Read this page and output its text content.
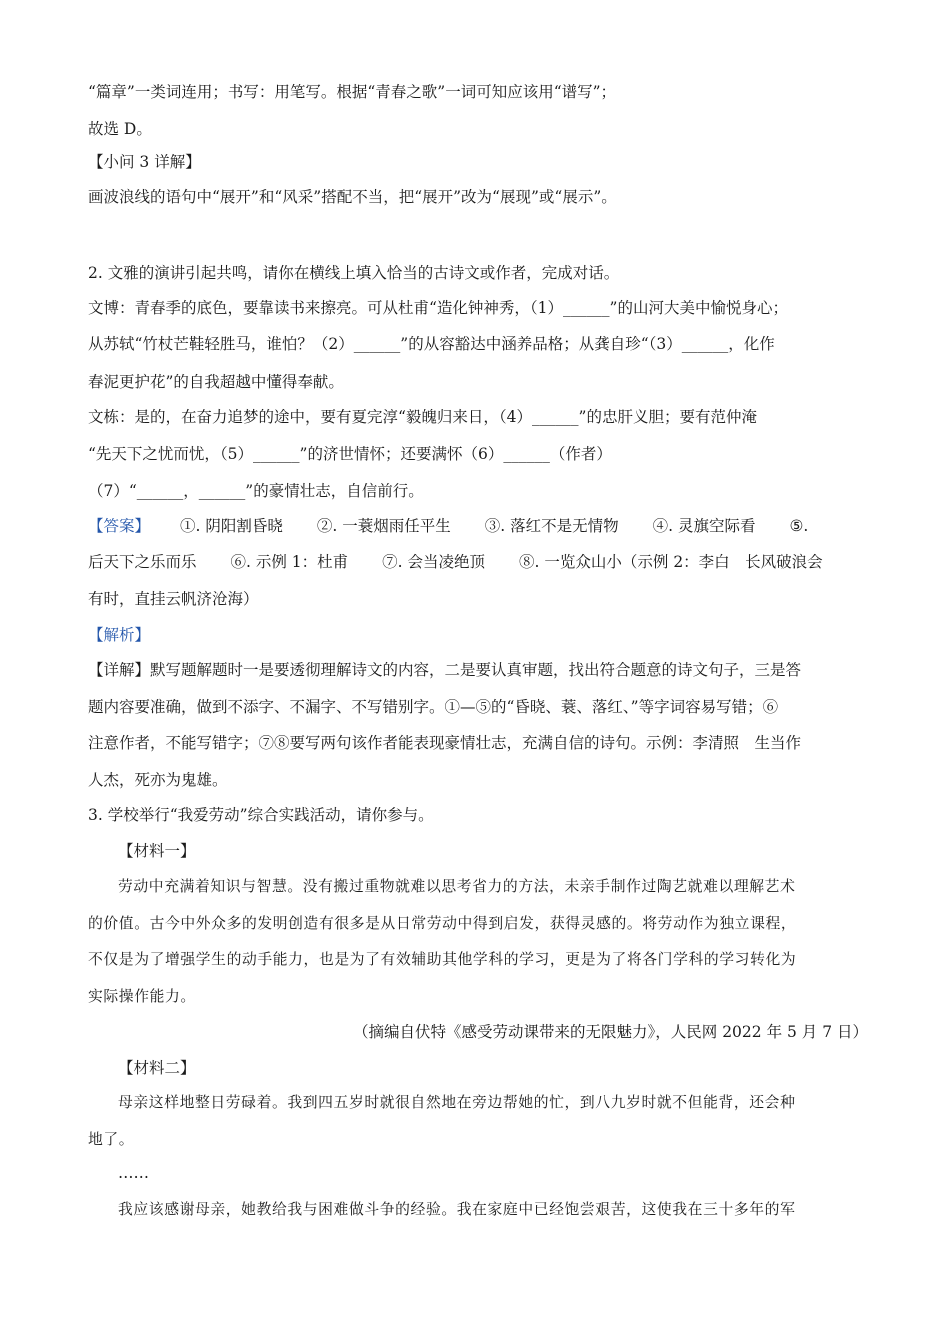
“篇章”一类词连用；书写：用笔写。根据“青春之歌”一词可知应该用“谱写”；
故选 D。
【小问 3 详解】
画波浪线的语句中“展开”和“风采”搭配不当，把“展开”改为“展现”或“展示”。
2. 文雅的演讲引起共鸣，请你在横线上填入恰当的古诗文或作者，完成对话。
文博：青春季的底色，要靠读书来擦亮。可从杜甫“造化钟神秀，（1）______”的山河大美中愉悦身心；
从苏轼“竹杖芒鞋轻胜马，谁怕？（2）______”的从容豁达中涵养品格；从龚自珍“（3）______，化作
春泥更护花”的自我超越中懂得奉献。
文栋：是的，在奋力追梦的途中，要有夏完淳“毅魄归来日，（4）______”的忠肝义胆；要有范仲淹
“先天下之忧而忧，（5）______”的济世情怀；还要满怀（6）______（作者）
（7）“______，______”的豪情壮志，自信前行。
【答案】 ①. 阴阳割昏晓 ②. 一蓑烟雨任平生 ③. 落红不是无情物 ④. 灵旗空际看 ⑤.
后天下之乐而乐 ⑥. 示例 1：杜甫 ⑦. 会当凌绝顶 ⑧. 一览众山小（示例 2：李白　长风破浪会
有时，直挂云帆济沧海）
【解析】
【详解】默写题解题时一是要透彻理解诗文的内容，二是要认真审题，找出符合题意的诗文句子，三是答
题内容要准确，做到不添字、不漏字、不写错别字。①—⑤的“昏晓、蓑、落红、”等字词容易写错；⑥
注意作者，不能写错字；⑦⑧要写两句该作者能表现豪情壮志，充满自信的诗句。示例：李清照　生当作
人杰，死亦为鬼雄。
3. 学校举行“我爱劳动”综合实践活动，请你参与。
【材料一】
劳动中充满着知识与智慧。没有搬过重物就难以思考省力的方法，未亲手制作过陶艺就难以理解艺术
的价值。古今中外众多的发明创造有很多是从日常劳动中得到启发，获得灵感的。将劳动作为独立课程，
不仅是为了增强学生的动手能力，也是为了有效辅助其他学科的学习，更是为了将各门学科的学习转化为
实际操作能力。
（摘编自伏特《感受劳动课带来的无限魅力》，人民网 2022 年 5 月 7 日）
【材料二】
母亲这样地整日劳碌着。我到四五岁时就很自然地在旁边帮她的忙，到八九岁时就不但能背，还会种
地了。
……
我应该感谢母亲，她教给我与困难做斗争的经验。我在家庭中已经饱尝艰苦，这使我在三十多年的军
